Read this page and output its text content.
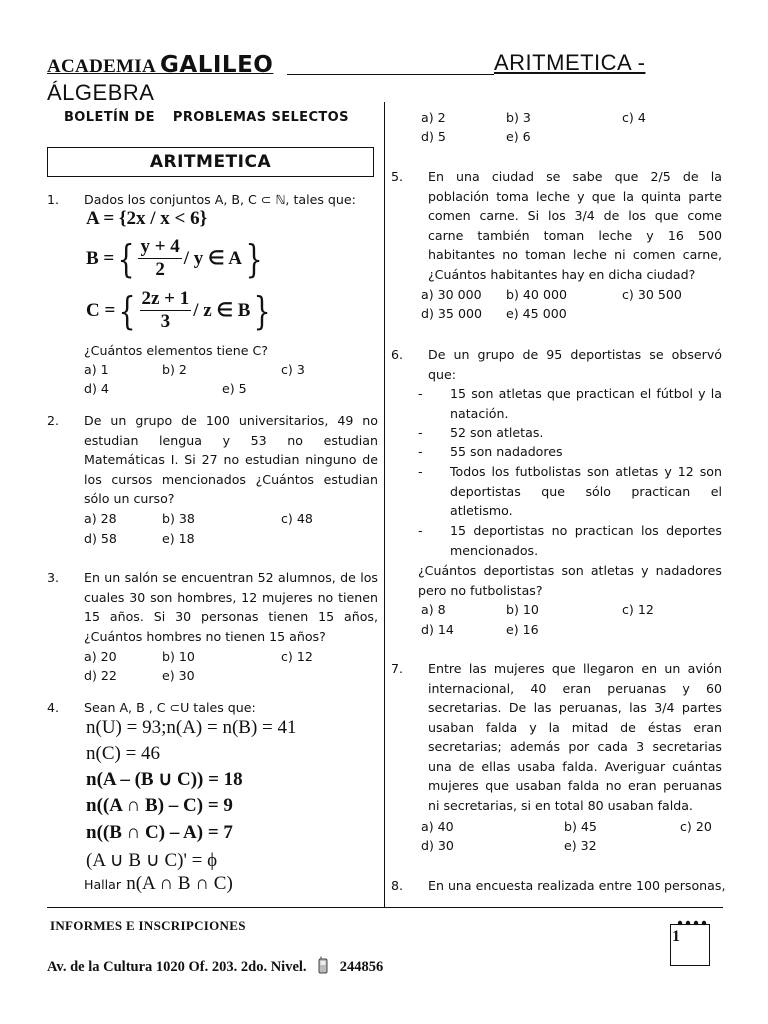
ACADEMIA GALILEO	ARITMETICA -
ÁLGEBRA
BOLETÍN DE PROBLEMAS SELECTOS
ARITMETICA
1.	Dados los conjuntos A, B, C ⊂ ℕ, tales que:
A = {2x / x < 6}
B = { $\frac{y + 4}{2}$ / y ∈ A }
C = { $\frac{2z + 1}{3}$ / z ∈ B }
¿Cuántos elementos tiene C?
a) 1	b) 2	c) 3
d) 4	e) 5
2.	De un grupo de 100 universitarios, 49 no estudian lengua y 53 no estudian Matemáticas I. Si 27 no estudian ninguno de los cursos mencionados ¿Cuántos estudian sólo un curso?
a) 28	b) 38	c) 48
d) 58	e) 18
3.	En un salón se encuentran 52 alumnos, de los cuales 30 son hombres, 12 mujeres no tienen 15 años. Si 30 personas tienen 15 años, ¿Cuántos hombres no tienen 15 años?
a) 20	b) 10	c) 12
d) 22	e) 30
4.	Sean A, B , C ⊂U tales que:
n(U) = 93;n(A) = n(B) = 41
n(C) = 46
n(A – (B ∪ C)) = 18
n((A ∩ B) – C) = 9
n((B ∩ C) – A) = 7
(A ∪ B ∪ C)' = ϕ
Hallar n(A ∩ B ∩ C)
a) 2	b) 3	c) 4
d) 5	e) 6
5.	En una ciudad se sabe que 2/5 de la población toma leche y que la quinta parte comen carne. Si los 3/4 de los que come carne también toman leche y 16 500 habitantes no toman leche ni comen carne, ¿Cuántos habitantes hay en dicha ciudad?
a) 30 000 b) 40 000	c) 30 500
d) 35 000 e) 45 000
6.	De un grupo de 95 deportistas se observó que:
- 15 son atletas que practican el fútbol y la natación.
- 52 son atletas.
- 55 son nadadores
- Todos los futbolistas son atletas y 12 son deportistas que sólo practican el atletismo.
- 15 deportistas no practican los deportes mencionados.
¿Cuántos deportistas son atletas y nadadores pero no futbolistas?
a) 8	b) 10	c) 12
d) 14	e) 16
7.	Entre las mujeres que llegaron en un avión internacional, 40 eran peruanas y 60 secretarias. De las peruanas, las 3/4 partes usaban falda y la mitad de éstas eran secretarias; además por cada 3 secretarias una de ellas usaba falda. Averiguar cuántas mujeres que usaban falda no eran peruanas ni secretarias, si en total 80 usaban falda.
a) 40	b) 45	c) 20
d) 30	e) 32
8.	En una encuesta realizada entre 100 personas,
INFORMES E INSCRIPCIONES
Av. de la Cultura 1020 Of. 203. 2do. Nivel. 244856
1
